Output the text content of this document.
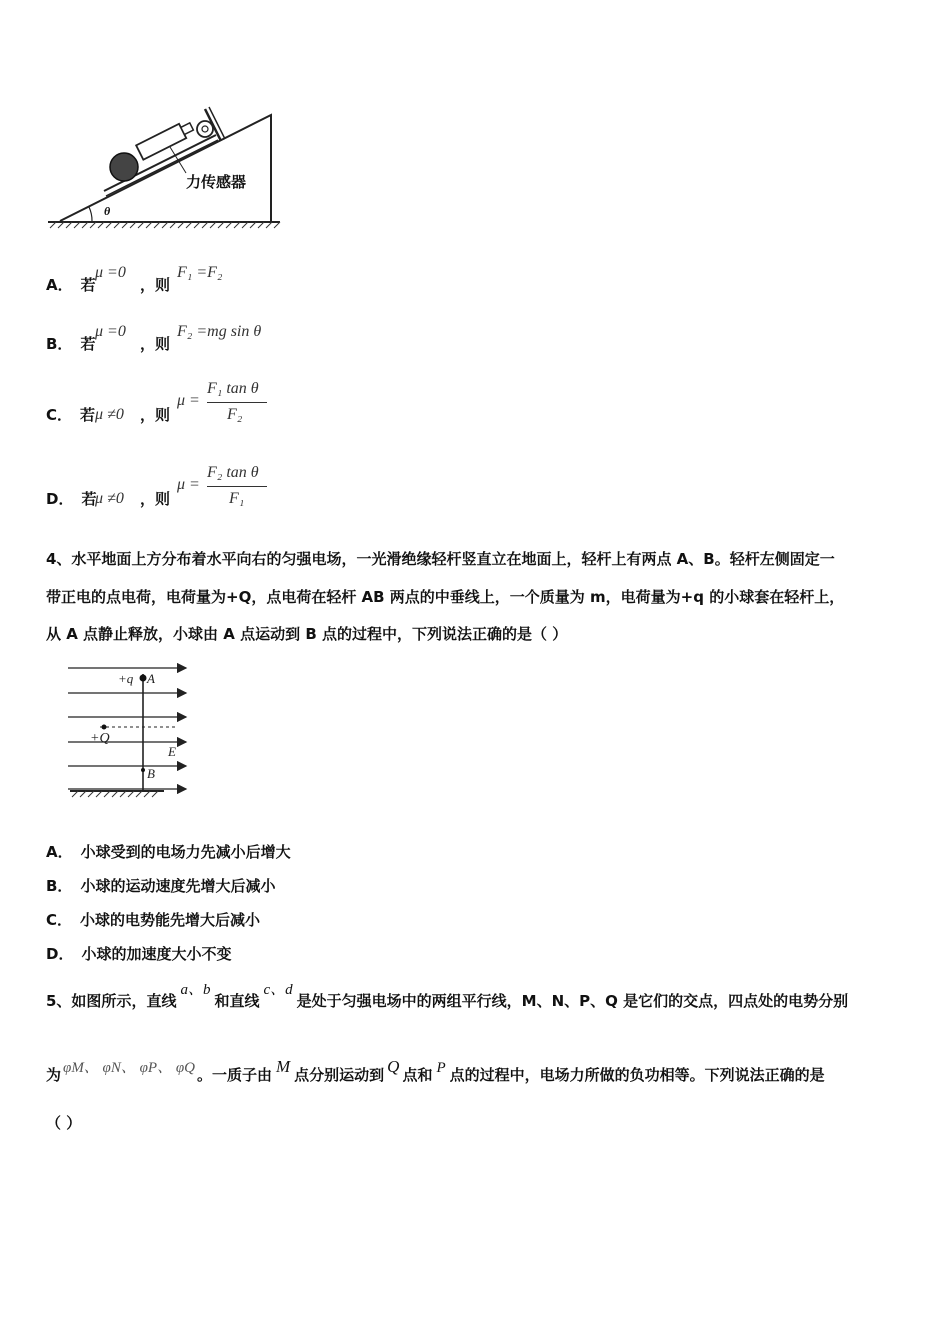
力传感器
θ
A． 若
μ =0
，则
F₁ =F₂
B． 若
μ =0
，则
F₂ =mg sin θ
C． 若 μ ≠0 ，则
μ =
F₁ tan θ
F₂
D． 若
μ ≠0 ，则
μ =
F₂ tan θ
F₁
4、水平地面上方分布着水平向右的匀强电场，一光滑绝缘轻杆竖直立在地面上，轻杆上有两点 A、B。轻杆左侧固定一
带正电的点电荷，电荷量为+Q，点电荷在轻杆 AB 两点的中垂线上，一个质量为 m，电荷量为+q 的小球套在轻杆上，
从 A 点静止释放，小球由 A 点运动到 B 点的过程中，下列说法正确的是（ ）
+q A
+Q
E
B
A． 小球受到的电场力先减小后增大
B． 小球的运动速度先增大后减小
C． 小球的电势能先增大后减小
D． 小球的加速度大小不变
5、如图所示，直线a、b和直线c、d是处于匀强电场中的两组平行线，M、N、P、Q 是它们的交点，四点处的电势分别
为 φM、 φN、 φP、 φQ 。一质子由 M 点分别运动到 Q 点和 P 点的过程中，电场力所做的负功相等。下列说法正确的是
（ ）
